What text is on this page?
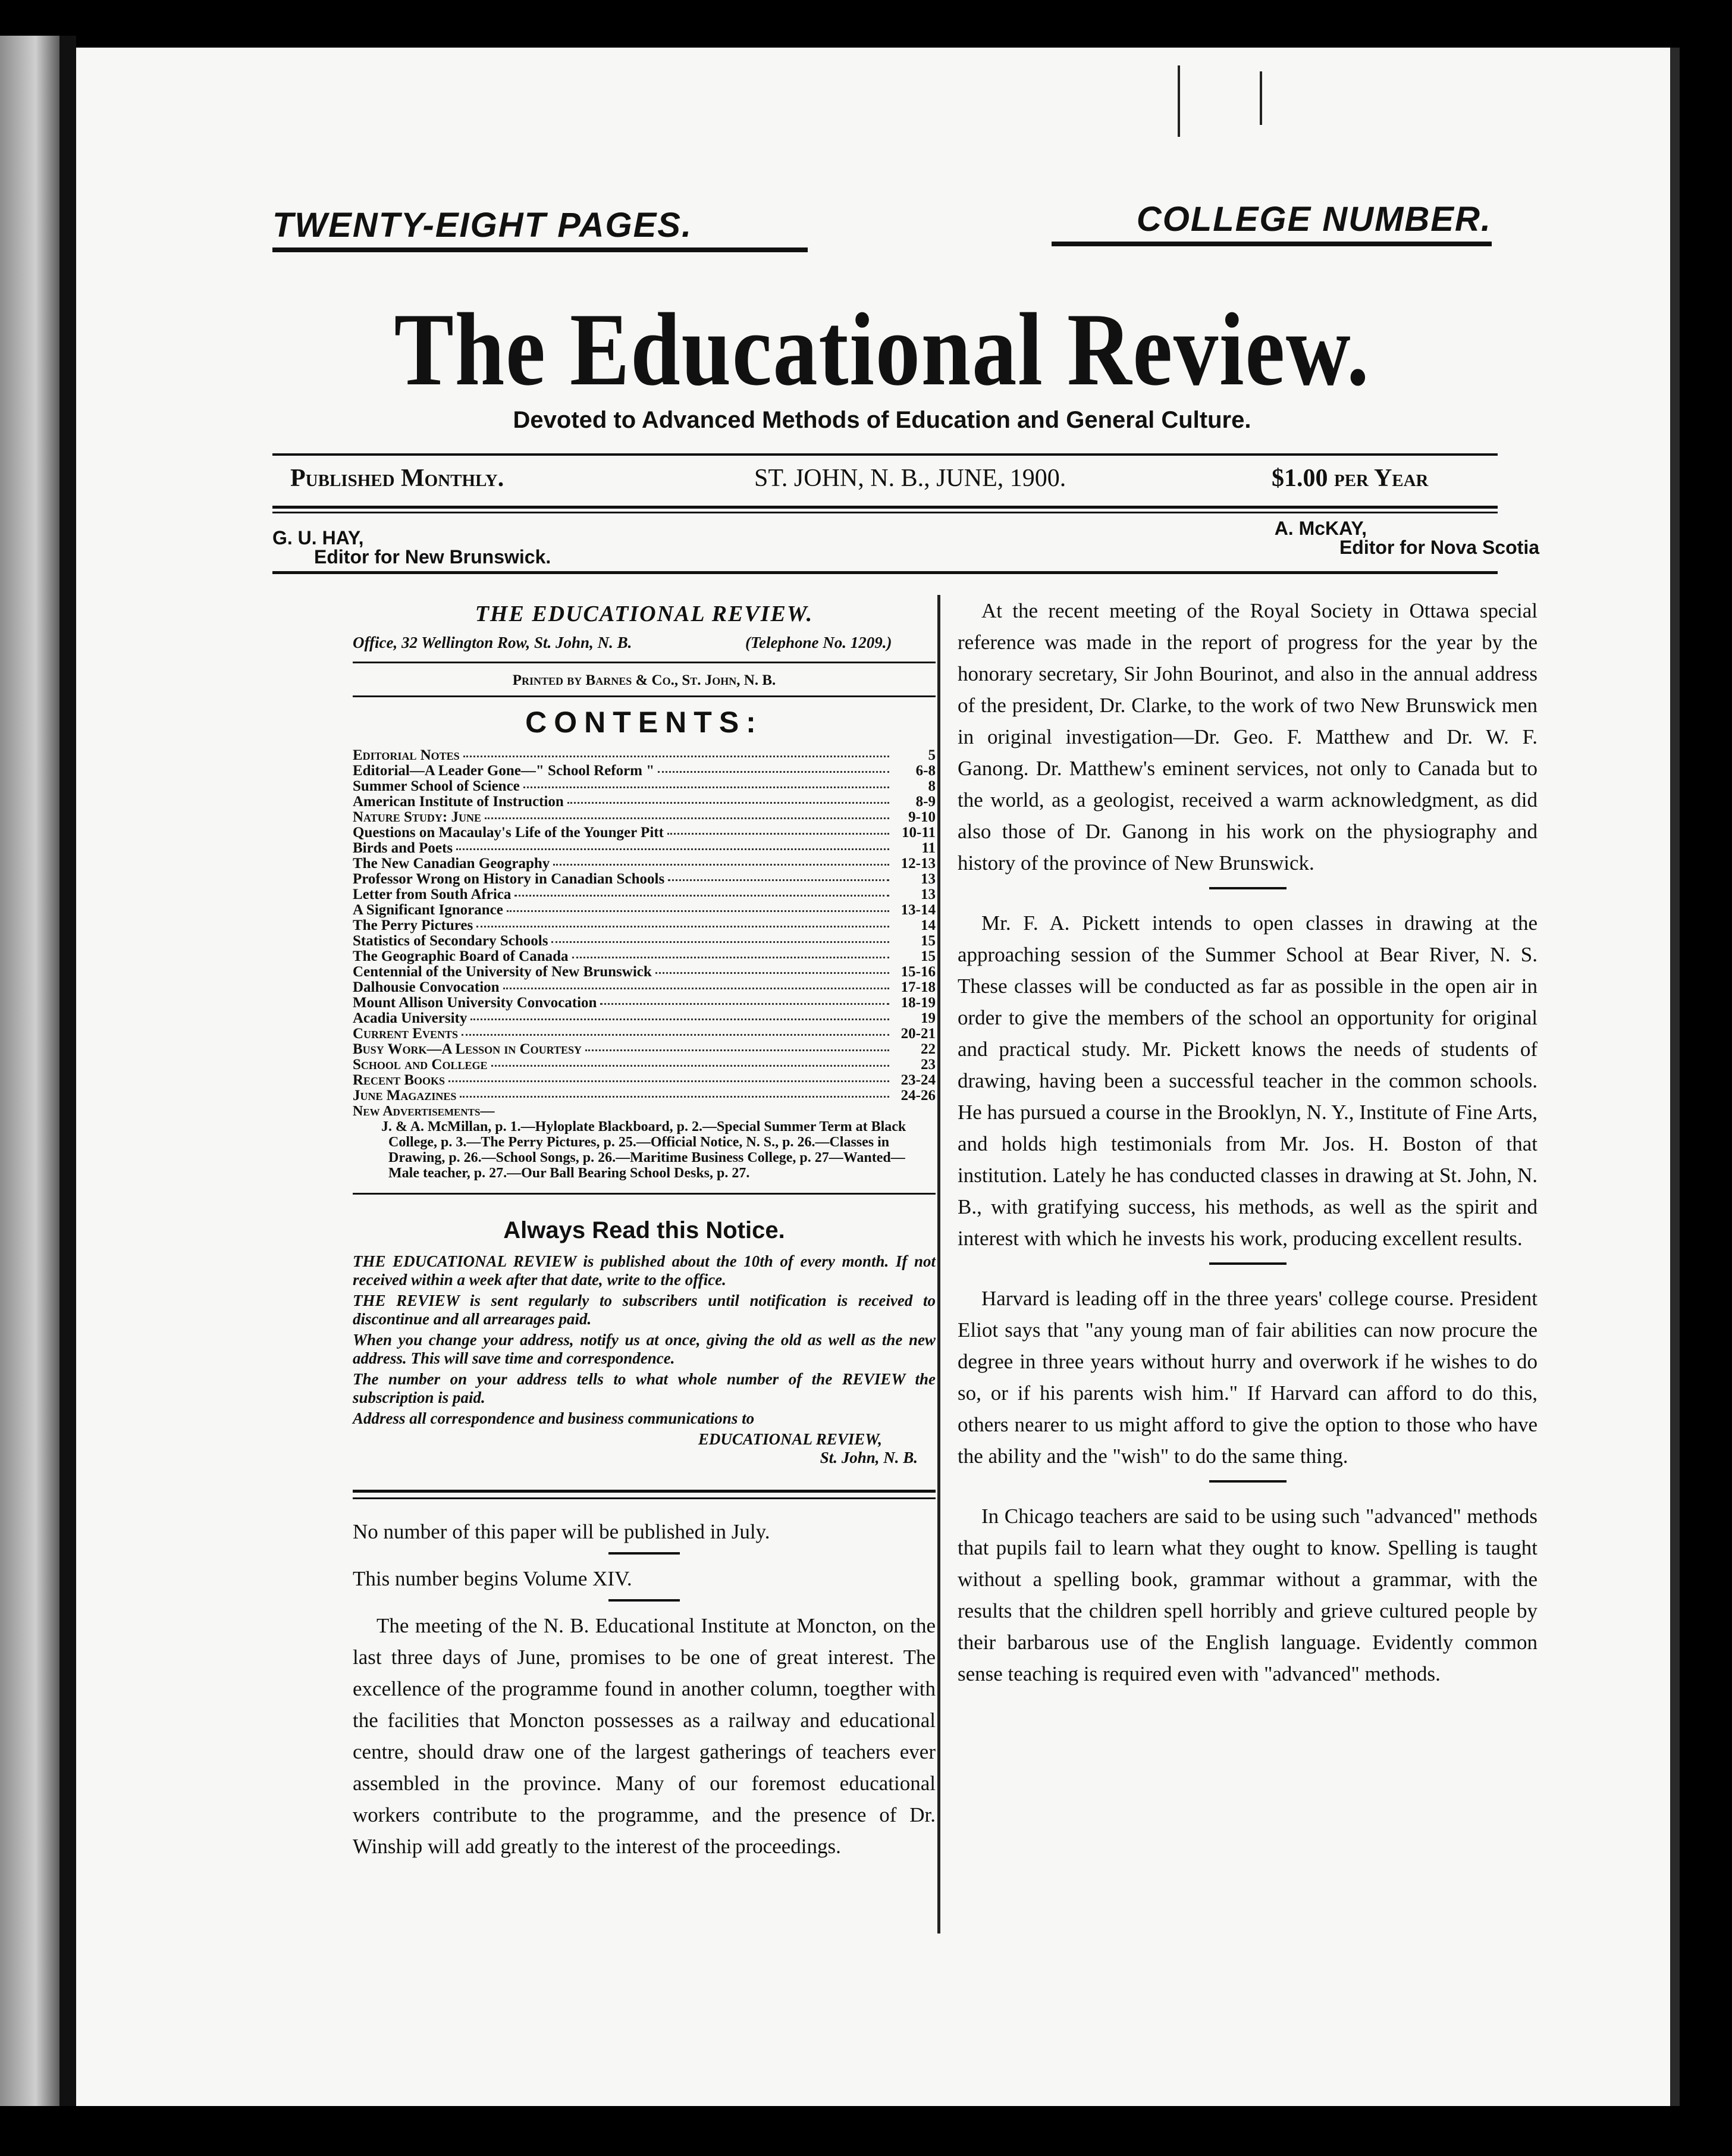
TWENTY-EIGHT PAGES.	COLLEGE NUMBER.
The Educational Review.
Devoted to Advanced Methods of Education and General Culture.
Published Monthly.	ST. JOHN, N. B., JUNE, 1900.	$1.00 per Year
G. U. HAY,
Editor for New Brunswick.
A. McKAY,
Editor for Nova Scotia
THE EDUCATIONAL REVIEW.
Office, 32 Wellington Row, St. John, N. B.	(Telephone No. 1209.)
Printed by Barnes & Co., St. John, N. B.
CONTENTS:
Editorial Notes	5
Editorial—A Leader Gone—" School Reform "	6-8
Summer School of Science	8
American Institute of Instruction	8-9
Nature Study: June	9-10
Questions on Macaulay's Life of the Younger Pitt	10-11
Birds and Poets	11
The New Canadian Geography	12-13
Professor Wrong on History in Canadian Schools	13
Letter from South Africa	13
A Significant Ignorance	13-14
The Perry Pictures	14
Statistics of Secondary Schools	15
The Geographic Board of Canada	15
Centennial of the University of New Brunswick	15-16
Dalhousie Convocation	17-18
Mount Allison University Convocation	18-19
Acadia University	19
Current Events	20-21
Busy Work—A Lesson in Courtesy	22
School and College	23
Recent Books	23-24
June Magazines	24-26
New Advertisements—
J. & A. McMillan, p. 1.—Hyloplate Blackboard, p. 2.—Special Summer Term at Black College, p. 3.—The Perry Pictures, p. 25.—Official Notice, N. S., p. 26.—Classes in Drawing, p. 26.—School Songs, p. 26.—Maritime Business College, p. 27—Wanted—Male teacher, p. 27.—Our Ball Bearing School Desks, p. 27.
Always Read this Notice.

THE EDUCATIONAL REVIEW is published about the 10th of every month. If not received within a week after that date, write to the office.

THE REVIEW is sent regularly to subscribers until notification is received to discontinue and all arrearages paid.

When you change your address, notify us at once, giving the old as well as the new address. This will save time and correspondence.

The number on your address tells to what whole number of the REVIEW the subscription is paid.

Address all correspondence and business communications to

EDUCATIONAL REVIEW,
St. John, N. B.

No number of this paper will be published in July.

This number begins Volume XIV.

The meeting of the N. B. Educational Institute at Moncton, on the last three days of June, promises to be one of great interest. The excellence of the programme found in another column, toegther with the facilities that Moncton possesses as a railway and educational centre, should draw one of the largest gatherings of teachers ever assembled in the province. Many of our foremost educational workers contribute to the programme, and the presence of Dr. Winship will add greatly to the interest of the proceedings.

At the recent meeting of the Royal Society in Ottawa special reference was made in the report of progress for the year by the honorary secretary, Sir John Bourinot, and also in the annual address of the president, Dr. Clarke, to the work of two New Brunswick men in original investigation—Dr. Geo. F. Matthew and Dr. W. F. Ganong. Dr. Matthew's eminent services, not only to Canada but to the world, as a geologist, received a warm acknowledgment, as did also those of Dr. Ganong in his work on the physiography and history of the province of New Brunswick.

Mr. F. A. Pickett intends to open classes in drawing at the approaching session of the Summer School at Bear River, N. S. These classes will be conducted as far as possible in the open air in order to give the members of the school an opportunity for original and practical study. Mr. Pickett knows the needs of students of drawing, having been a successful teacher in the common schools. He has pursued a course in the Brooklyn, N. Y., Institute of Fine Arts, and holds high testimonials from Mr. Jos. H. Boston of that institution. Lately he has conducted classes in drawing at St. John, N. B., with gratifying success, his methods, as well as the spirit and interest with which he invests his work, producing excellent results.

Harvard is leading off in the three years' college course. President Eliot says that "any young man of fair abilities can now procure the degree in three years without hurry and overwork if he wishes to do so, or if his parents wish him." If Harvard can afford to do this, others nearer to us might afford to give the option to those who have the ability and the "wish" to do the same thing.

In Chicago teachers are said to be using such "advanced" methods that pupils fail to learn what they ought to know. Spelling is taught without a spelling book, grammar without a grammar, with the results that the children spell horribly and grieve cultured people by their barbarous use of the English language. Evidently common sense teaching is required even with "advanced" methods.
